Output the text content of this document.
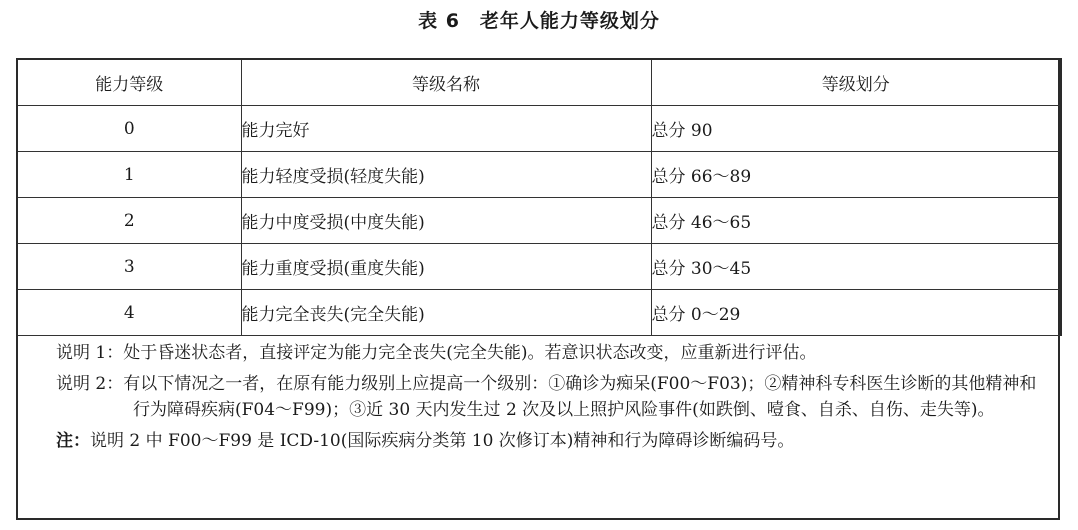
表 6　老年人能力等级划分
能力等级	等级名称	等级划分
0	能力完好	总分 90
1	能力轻度受损(轻度失能)	总分 66～89
2	能力中度受损(中度失能)	总分 46～65
3	能力重度受损(重度失能)	总分 30～45
4	能力完全丧失(完全失能)	总分 0～29
说明 1：处于昏迷状态者，直接评定为能力完全丧失(完全失能)。若意识状态改变，应重新进行评估。
说明 2：有以下情况之一者，在原有能力级别上应提高一个级别：①确诊为痴呆(F00～F03)；②精神科专科医生诊断的其他精神和行为障碍疾病(F04～F99)；③近 30 天内发生过 2 次及以上照护风险事件(如跌倒、噎食、自杀、自伤、走失等)。
注：说明 2 中 F00～F99 是 ICD-10(国际疾病分类第 10 次修订本)精神和行为障碍诊断编码号。
